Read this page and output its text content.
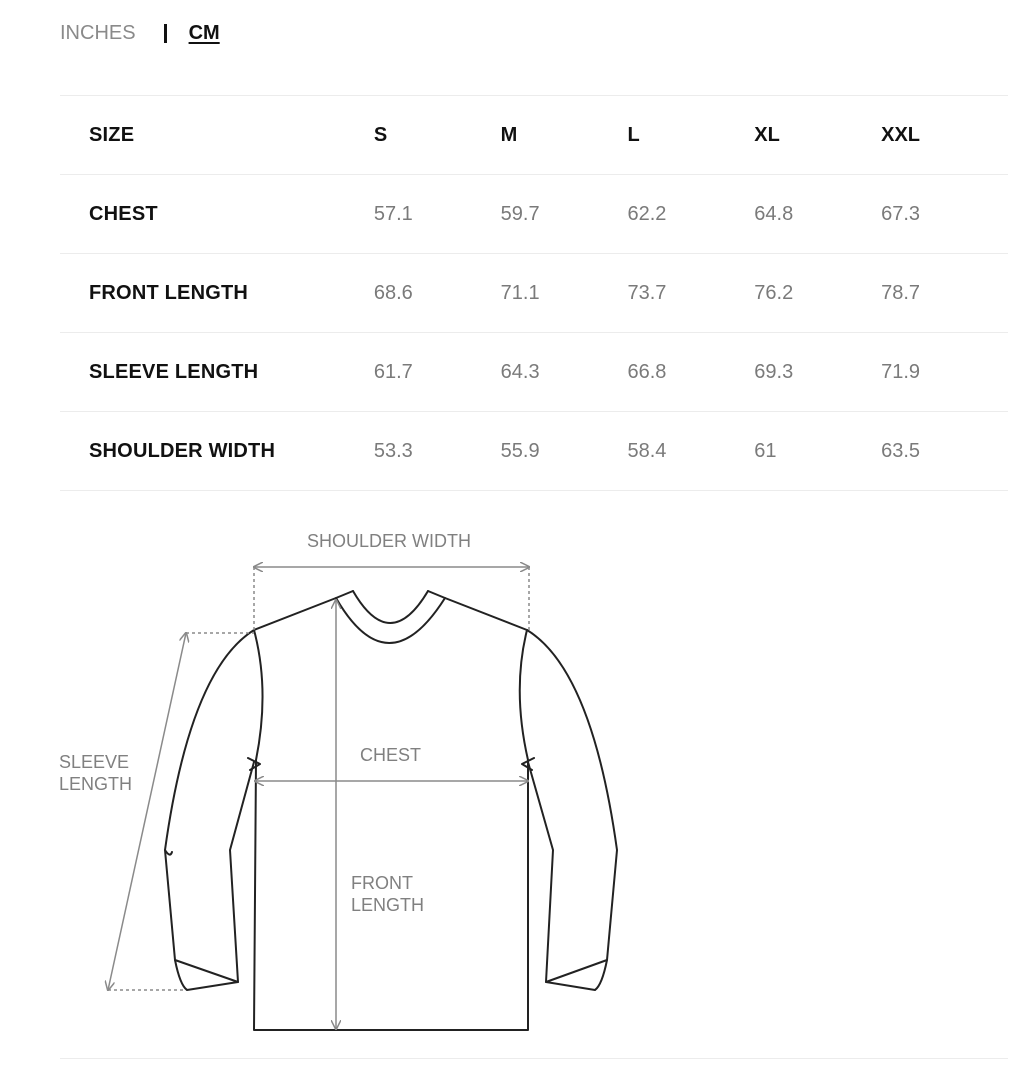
INCHES	CM
SIZE	S	M	L	XL	XXL
CHEST	57.1	59.7	62.2	64.8	67.3
FRONT LENGTH	68.6	71.1	73.7	76.2	78.7
SLEEVE LENGTH	61.7	64.3	66.8	69.3	71.9
SHOULDER WIDTH	53.3	55.9	58.4	61	63.5
SHOULDER WIDTH
SLEEVE
LENGTH
CHEST
FRONT
LENGTH
